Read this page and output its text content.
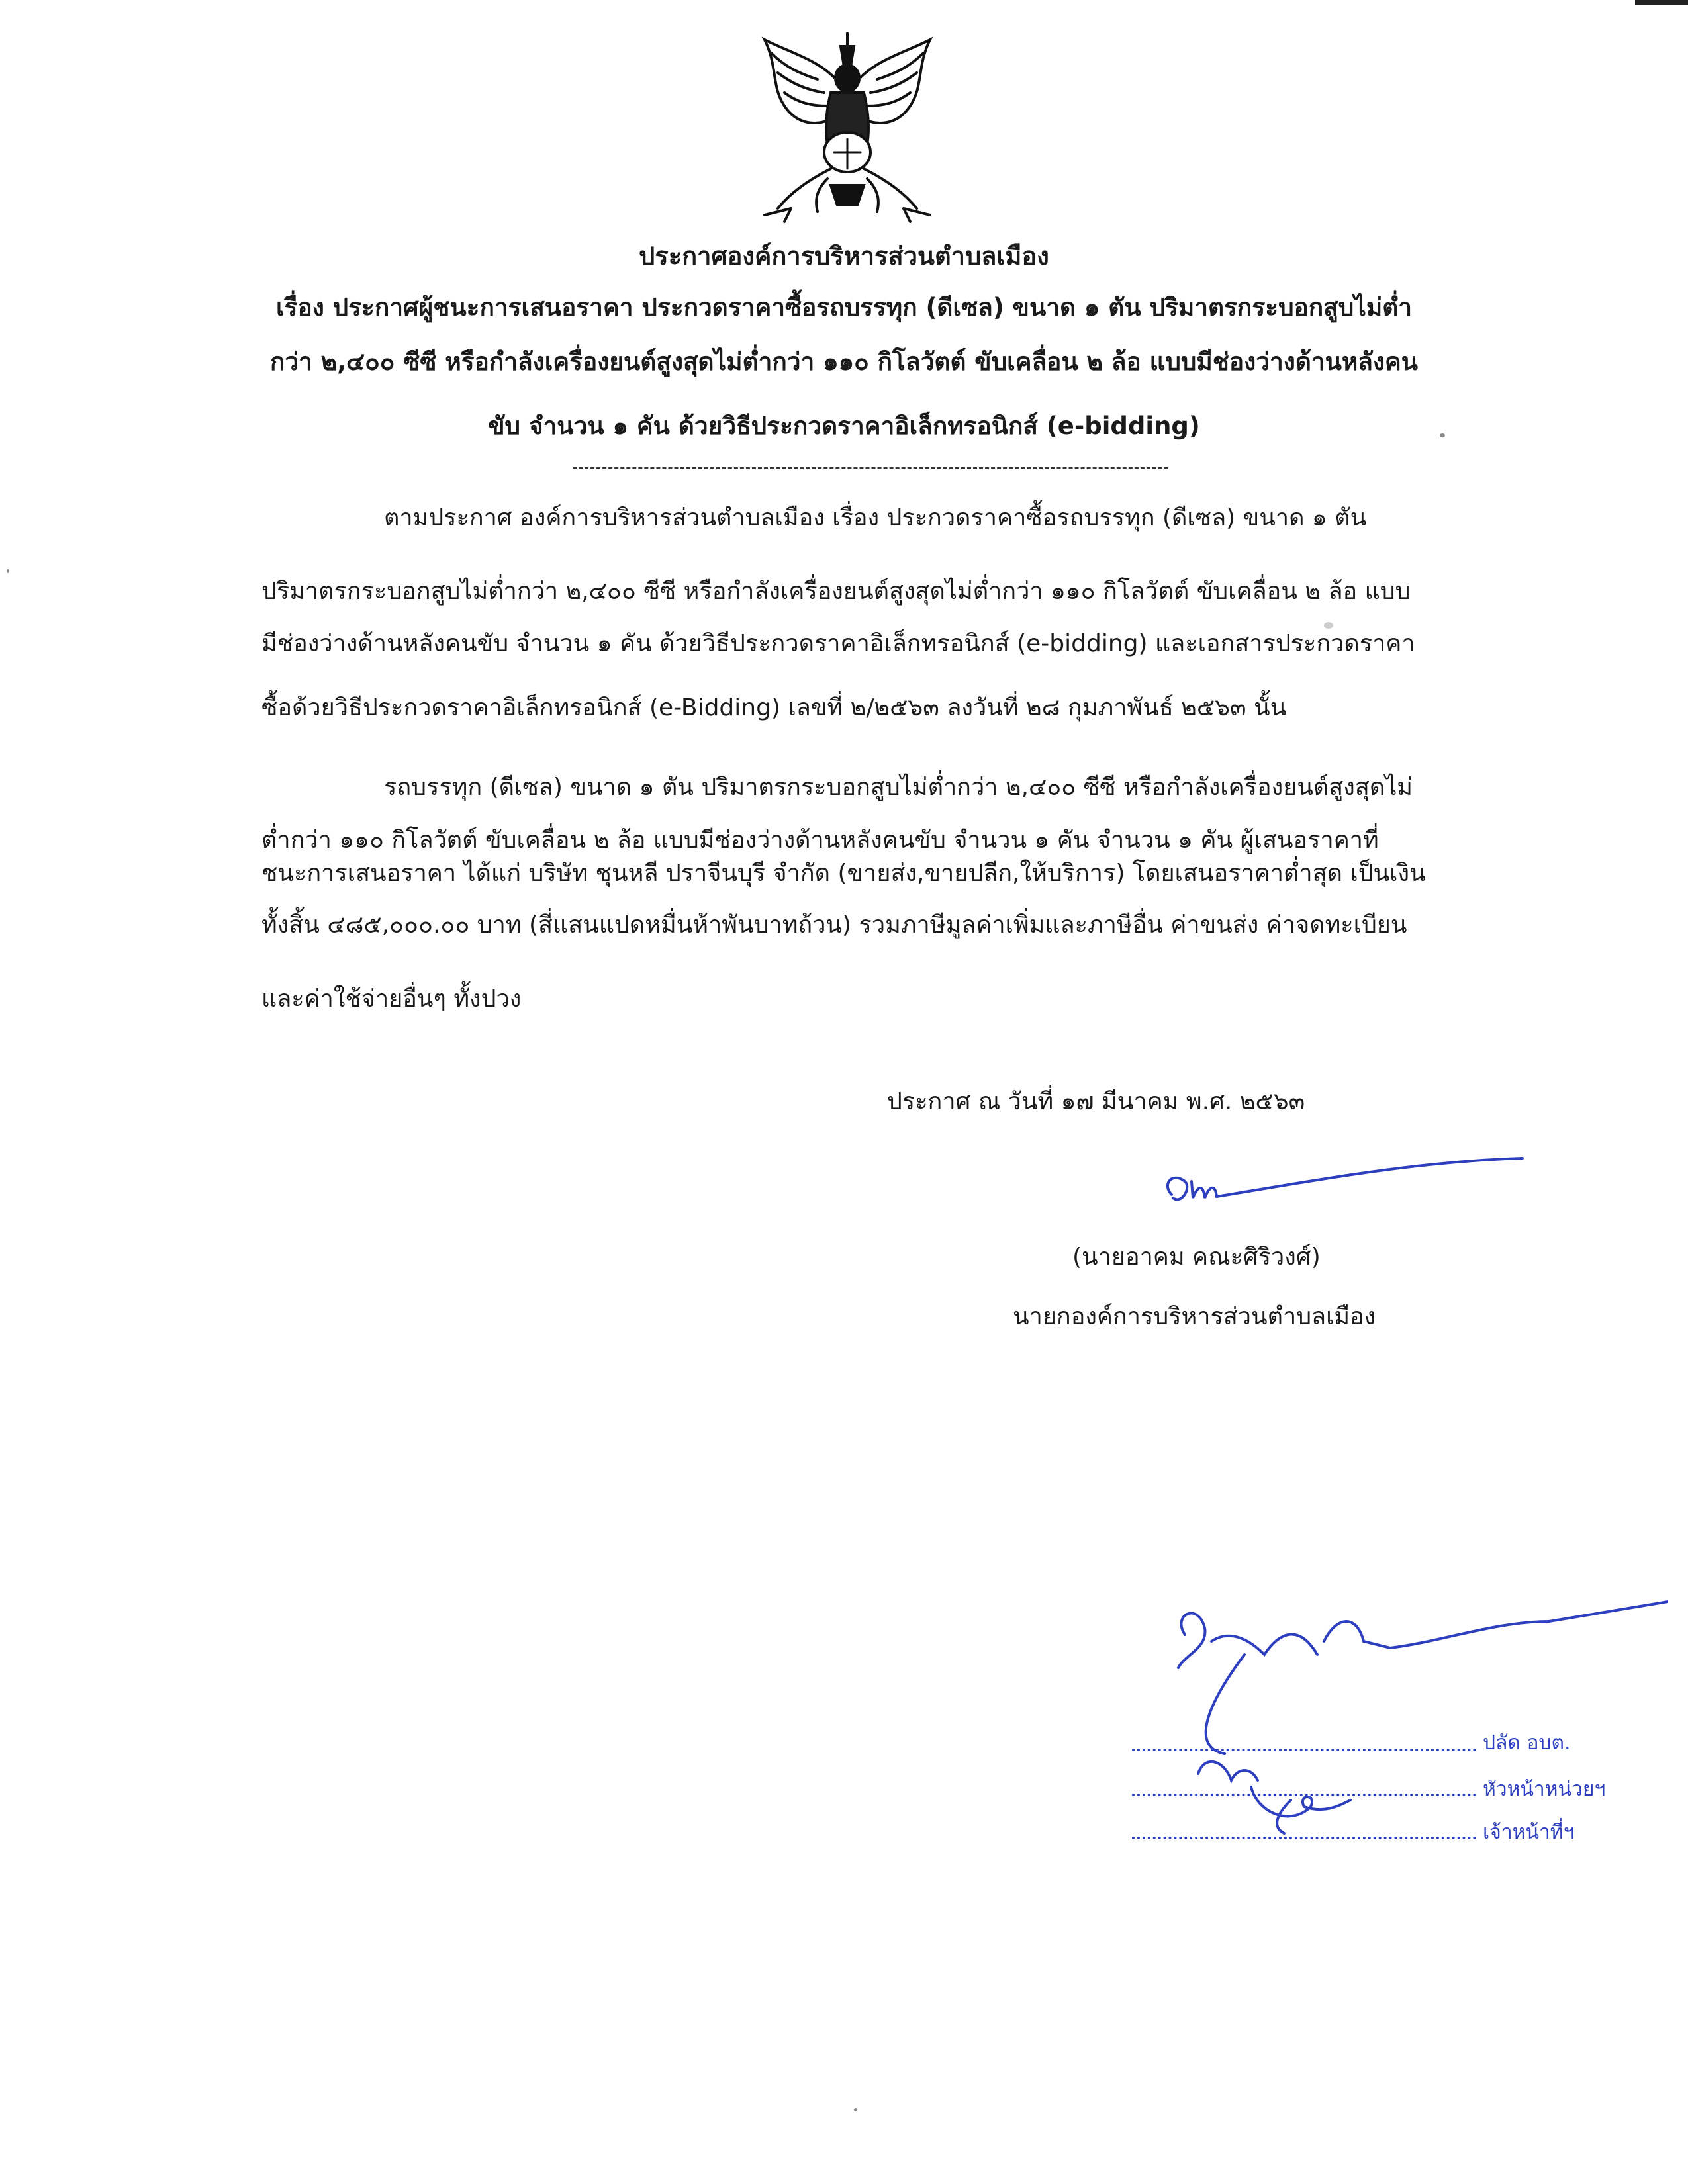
ประกาศองค์การบริหารส่วนตำบลเมือง
เรื่อง ประกาศผู้ชนะการเสนอราคา ประกวดราคาซื้อรถบรรทุก (ดีเซล) ขนาด ๑ ตัน ปริมาตรกระบอกสูบไม่ต่ำ
กว่า ๒,๔๐๐ ซีซี หรือกำลังเครื่องยนต์สูงสุดไม่ต่ำกว่า ๑๑๐ กิโลวัตต์ ขับเคลื่อน ๒ ล้อ แบบมีช่องว่างด้านหลังคน
ขับ จำนวน ๑ คัน ด้วยวิธีประกวดราคาอิเล็กทรอนิกส์ (e-bidding)
ตามประกาศ องค์การบริหารส่วนตำบลเมือง เรื่อง ประกวดราคาซื้อรถบรรทุก (ดีเซล) ขนาด ๑ ตัน
ปริมาตรกระบอกสูบไม่ต่ำกว่า ๒,๔๐๐ ซีซี หรือกำลังเครื่องยนต์สูงสุดไม่ต่ำกว่า ๑๑๐ กิโลวัตต์ ขับเคลื่อน ๒ ล้อ แบบ
มีช่องว่างด้านหลังคนขับ จำนวน ๑ คัน ด้วยวิธีประกวดราคาอิเล็กทรอนิกส์ (e-bidding) และเอกสารประกวดราคา
ซื้อด้วยวิธีประกวดราคาอิเล็กทรอนิกส์ (e-Bidding) เลขที่ ๒/๒๕๖๓ ลงวันที่ ๒๘ กุมภาพันธ์ ๒๕๖๓ นั้น
รถบรรทุก (ดีเซล) ขนาด ๑ ตัน ปริมาตรกระบอกสูบไม่ต่ำกว่า ๒,๔๐๐ ซีซี หรือกำลังเครื่องยนต์สูงสุดไม่
ต่ำกว่า ๑๑๐ กิโลวัตต์ ขับเคลื่อน ๒ ล้อ แบบมีช่องว่างด้านหลังคนขับ จำนวน ๑ คัน จำนวน ๑ คัน ผู้เสนอราคาที่
ชนะการเสนอราคา ได้แก่ บริษัท ชุนหลี ปราจีนบุรี จำกัด (ขายส่ง,ขายปลีก,ให้บริการ) โดยเสนอราคาต่ำสุด เป็นเงิน
ทั้งสิ้น ๔๘๕,๐๐๐.๐๐ บาท (สี่แสนแปดหมื่นห้าพันบาทถ้วน) รวมภาษีมูลค่าเพิ่มและภาษีอื่น ค่าขนส่ง ค่าจดทะเบียน
และค่าใช้จ่ายอื่นๆ ทั้งปวง
ประกาศ ณ วันที่ ๑๗ มีนาคม พ.ศ. ๒๕๖๓
(นายอาคม คณะศิริวงศ์)
นายกองค์การบริหารส่วนตำบลเมือง
ปลัด อบต.
หัวหน้าหน่วยฯ
เจ้าหน้าที่ฯ
